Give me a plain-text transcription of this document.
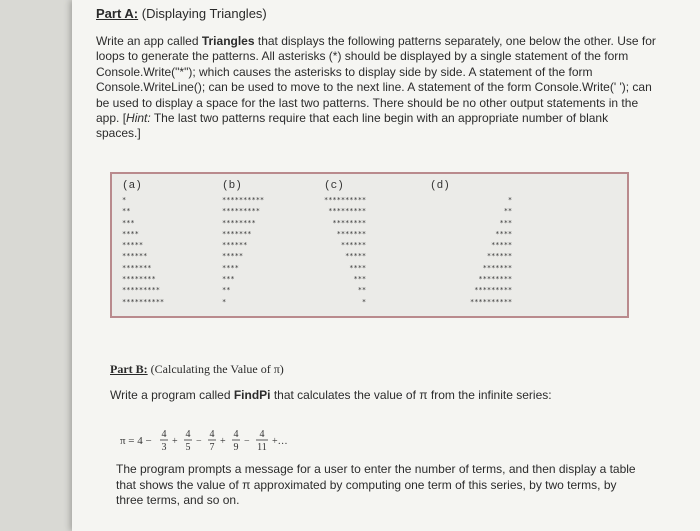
Part A: (Displaying Triangles)
Write an app called Triangles that displays the following patterns separately, one below the other. Use for loops to generate the patterns. All asterisks (*) should be displayed by a single statement of the form Console.Write("*"); which causes the asterisks to display side by side. A statement of the form Console.WriteLine(); can be used to move to the next line. A statement of the form Console.Write(' '); can be used to display a space for the last two patterns. There should be no other output statements in the app. [Hint: The last two patterns require that each line begin with an appropriate number of blank spaces.]
(a)
*
**
***
****
*****
******
*******
********
*********
**********
(b)
**********
*********
********
*******
******
*****
****
***
**
*
(c)
**********
*********
********
*******
******
*****
****
***
**
*
(d)
*
**
***
****
*****
******
*******
********
*********
**********
Part B: (Calculating the Value of π)
Write a program called FindPi that calculates the value of π from the infinite series:
π = 4 −
4
3
+
4
5
−
4
7
+
4
9
−
4
11
+…
The program prompts a message for a user to enter the number of terms, and then display a table that shows the value of π approximated by computing one term of this series, by two terms, by three terms, and so on.
